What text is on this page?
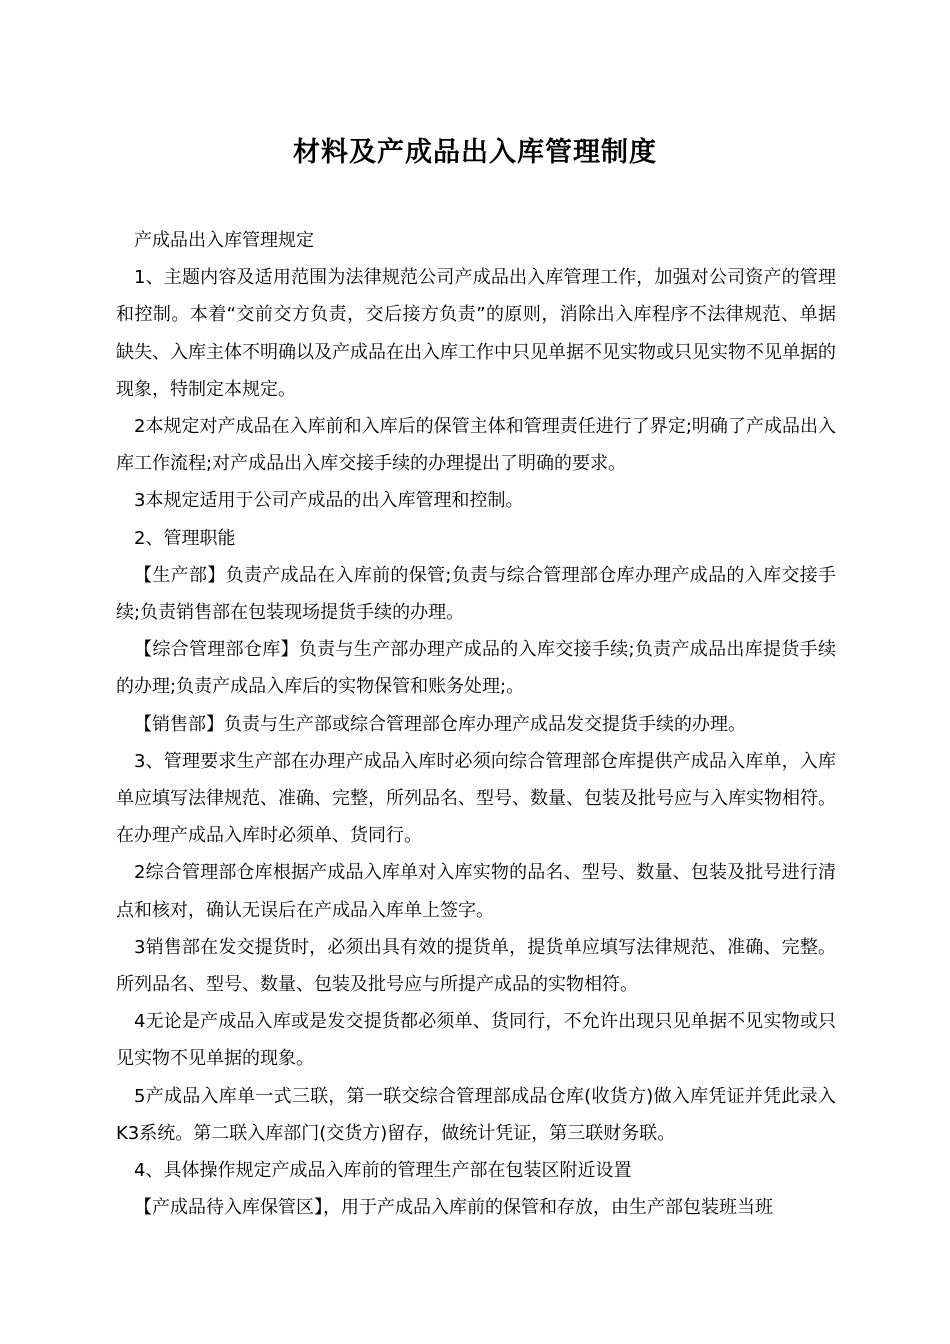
材料及产成品出入库管理制度

产成品出入库管理规定

1、主题内容及适用范围为法律规范公司产成品出入库管理工作，加强对公司资产的管理和控制。本着“交前交方负责，交后接方负责”的原则，消除出入库程序不法律规范、单据缺失、入库主体不明确以及产成品在出入库工作中只见单据不见实物或只见实物不见单据的现象，特制定本规定。

2本规定对产成品在入库前和入库后的保管主体和管理责任进行了界定;明确了产成品出入库工作流程;对产成品出入库交接手续的办理提出了明确的要求。

3本规定适用于公司产成品的出入库管理和控制。

2、管理职能

【生产部】负责产成品在入库前的保管;负责与综合管理部仓库办理产成品的入库交接手续;负责销售部在包装现场提货手续的办理。

【综合管理部仓库】负责与生产部办理产成品的入库交接手续;负责产成品出库提货手续的办理;负责产成品入库后的实物保管和账务处理;。

【销售部】负责与生产部或综合管理部仓库办理产成品发交提货手续的办理。

3、管理要求生产部在办理产成品入库时必须向综合管理部仓库提供产成品入库单，入库单应填写法律规范、准确、完整，所列品名、型号、数量、包装及批号应与入库实物相符。在办理产成品入库时必须单、货同行。

2综合管理部仓库根据产成品入库单对入库实物的品名、型号、数量、包装及批号进行清点和核对，确认无误后在产成品入库单上签字。

3销售部在发交提货时，必须出具有效的提货单，提货单应填写法律规范、准确、完整。所列品名、型号、数量、包装及批号应与所提产成品的实物相符。

4无论是产成品入库或是发交提货都必须单、货同行，不允许出现只见单据不见实物或只见实物不见单据的现象。

5产成品入库单一式三联，第一联交综合管理部成品仓库(收货方)做入库凭证并凭此录入K3系统。第二联入库部门(交货方)留存，做统计凭证，第三联财务联。

4、具体操作规定产成品入库前的管理生产部在包装区附近设置

【产成品待入库保管区】，用于产成品入库前的保管和存放，由生产部包装班当班
